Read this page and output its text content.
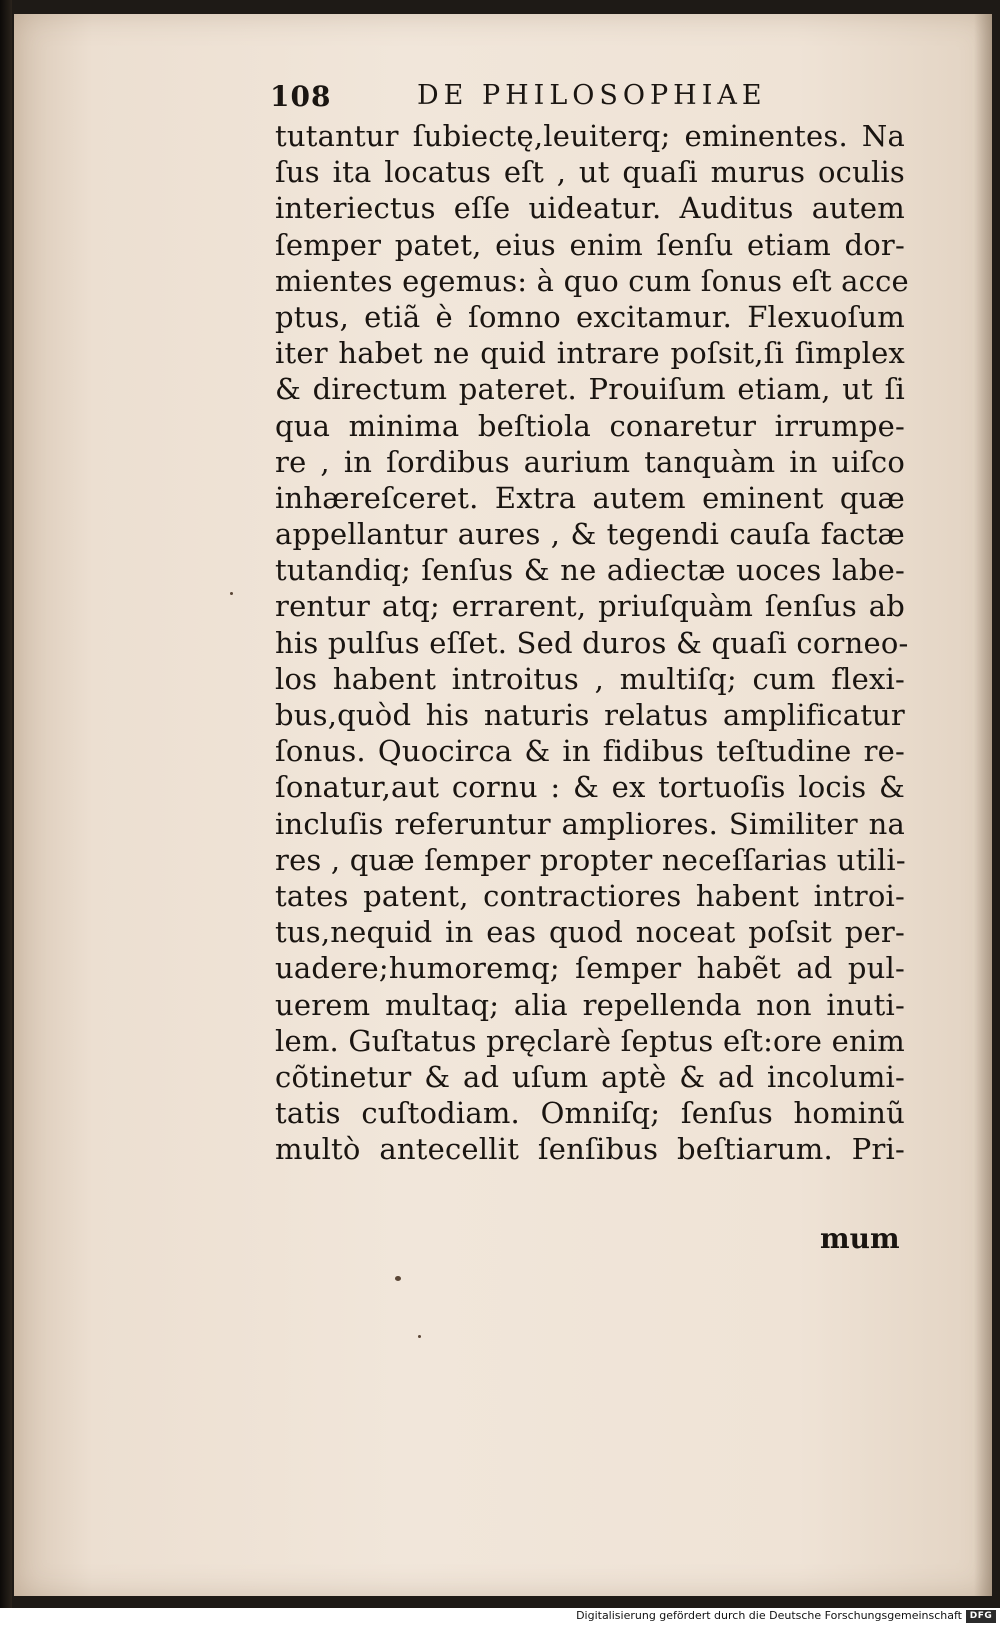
108	DE PHILOSOPHIAE
tutantur ſubiectę,leuiterq; eminentes. Na
ſus ita locatus eſt , ut quaſi murus oculis
interiectus eſſe uideatur. Auditus autem
ſemper patet, eius enim ſenſu etiam dor-
mientes egemus: à quo cum ſonus eſt acce
ptus, etiã è ſomno excitamur. Flexuoſum
iter habet ne quid intrare poſsit,ſi ſimplex
& directum pateret. Prouiſum etiam, ut ſi
qua minima beſtiola conaretur irrumpe-
re , in ſordibus aurium tanquàm in uiſco
inhæreſceret. Extra autem eminent quæ
appellantur aures , & tegendi cauſa factæ
tutandiq; ſenſus & ne adiectæ uoces labe-
rentur atq; errarent, priuſquàm ſenſus ab
his pulſus eſſet. Sed duros & quaſi corneo-
los habent introitus , multiſq; cum flexi-
bus,quòd his naturis relatus amplificatur
ſonus. Quocirca & in fidibus teſtudine re-
ſonatur,aut cornu : & ex tortuoſis locis &
incluſis referuntur ampliores. Similiter na
res , quæ ſemper propter neceſſarias utili-
tates patent, contractiores habent introi-
tus,nequid in eas quod noceat poſsit per-
uadere;humoremq; ſemper habẽt ad pul-
uerem multaq; alia repellenda non inuti-
lem. Guſtatus pręclarè ſeptus eſt:ore enim
cõtinetur & ad uſum aptè & ad incolumi-
tatis cuſtodiam. Omniſq; ſenſus hominũ
multò antecellit ſenſibus beſtiarum. Pri-
mum
Digitalisierung gefördert durch die Deutsche Forschungsgemeinschaft DFG
